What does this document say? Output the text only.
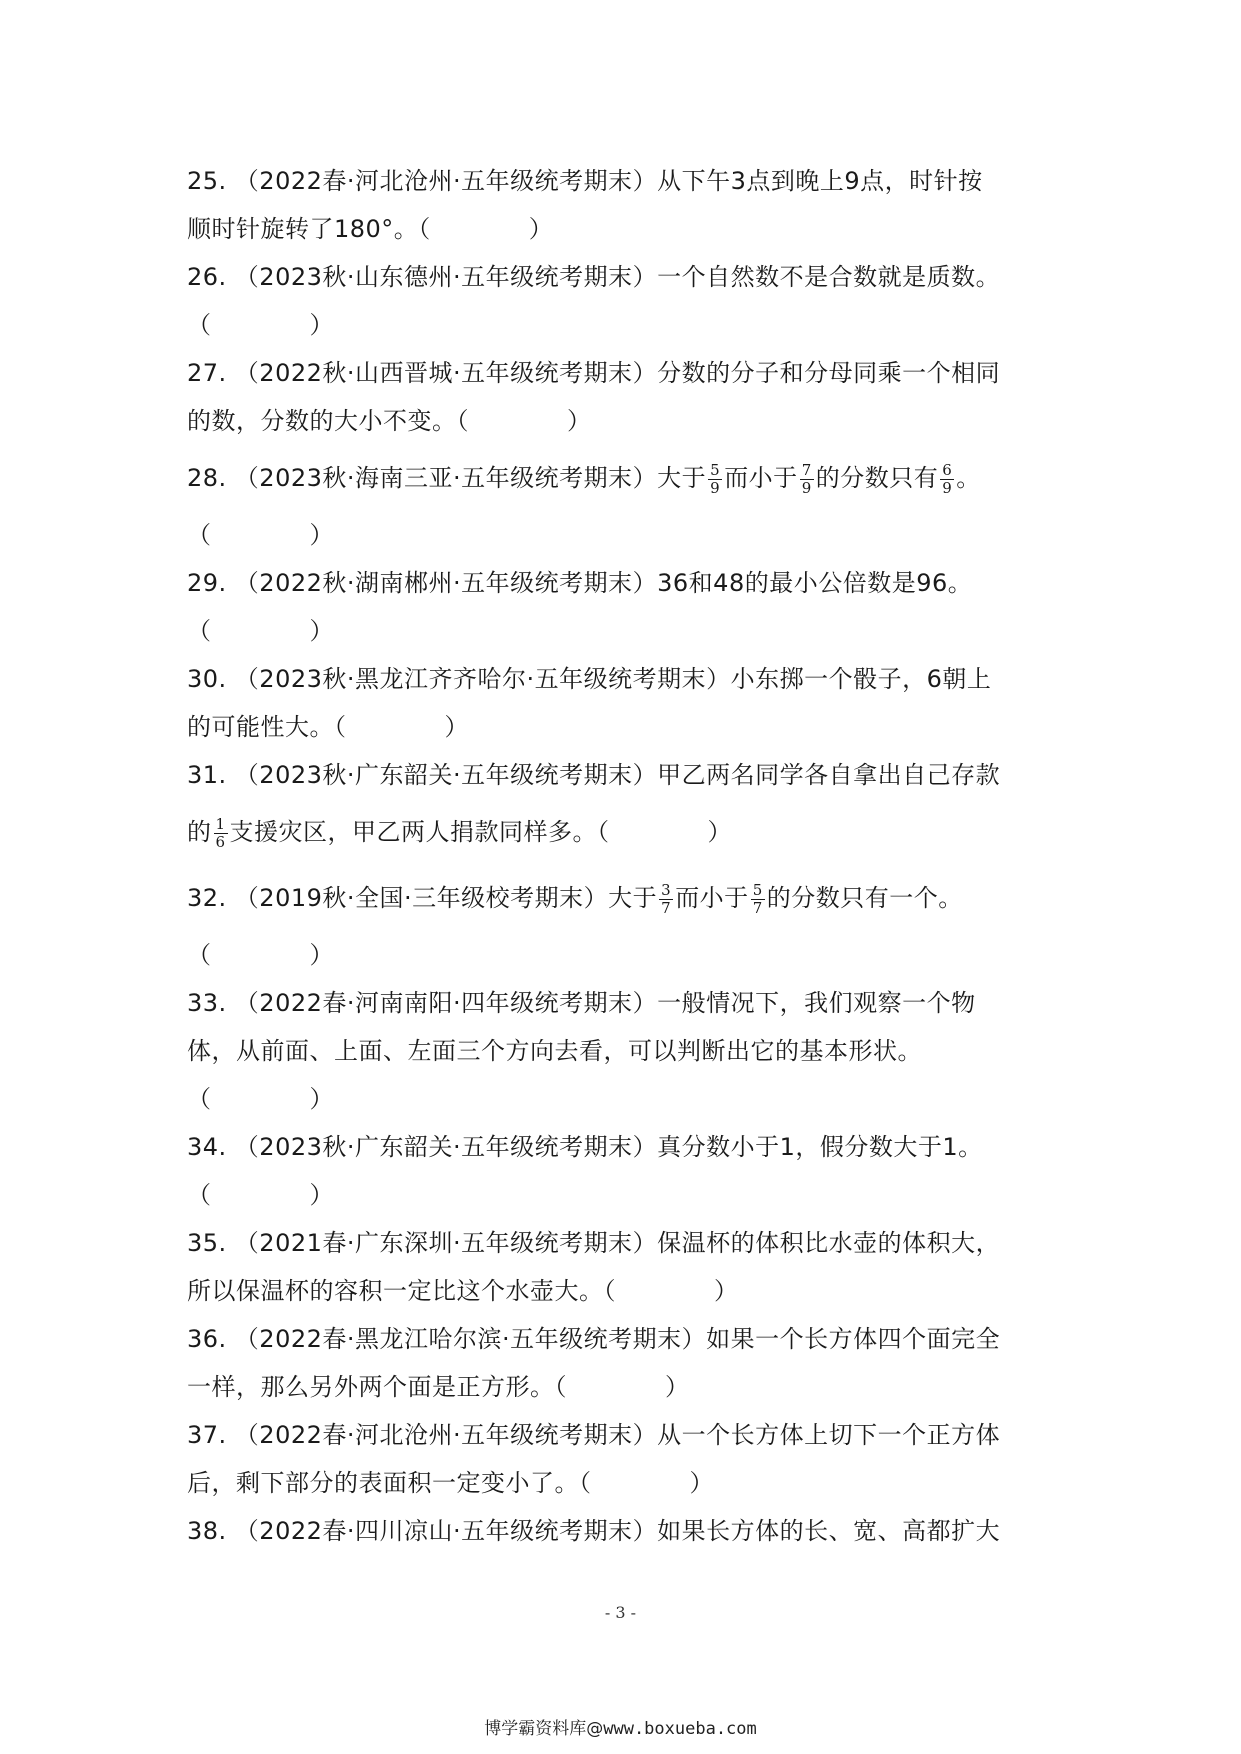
25. （2022春·河北沧州·五年级统考期末）从下午3点到晚上9点，时针按
顺时针旋转了180°。（　　　　）
26. （2023秋·山东德州·五年级统考期末）一个自然数不是合数就是质数。
（　　　　）
27. （2022秋·山西晋城·五年级统考期末）分数的分子和分母同乘一个相同
的数，分数的大小不变。（　　　　）
28. （2023秋·海南三亚·五年级统考期末）大于 $\frac{5}{9}$ 而小于 $\frac{7}{9}$ 的分数只有 $\frac{6}{9}$ 。
（　　　　）
29. （2022秋·湖南郴州·五年级统考期末）36和48的最小公倍数是96。
（　　　　）
30. （2023秋·黑龙江齐齐哈尔·五年级统考期末）小东掷一个骰子，6朝上
的可能性大。（　　　　）
31. （2023秋·广东韶关·五年级统考期末）甲乙两名同学各自拿出自己存款
的 $\frac{1}{6}$ 支援灾区，甲乙两人捐款同样多。（　　　　）
32. （2019秋·全国·三年级校考期末）大于 $\frac{3}{7}$ 而小于 $\frac{5}{7}$ 的分数只有一个。
（　　　　）
33. （2022春·河南南阳·四年级统考期末）一般情况下，我们观察一个物
体，从前面、上面、左面三个方向去看，可以判断出它的基本形状。
（　　　　）
34. （2023秋·广东韶关·五年级统考期末）真分数小于1，假分数大于1。
（　　　　）
35. （2021春·广东深圳·五年级统考期末）保温杯的体积比水壶的体积大，
所以保温杯的容积一定比这个水壶大。（　　　　）
36. （2022春·黑龙江哈尔滨·五年级统考期末）如果一个长方体四个面完全
一样，那么另外两个面是正方形。（　　　　）
37. （2022春·河北沧州·五年级统考期末）从一个长方体上切下一个正方体
后，剩下部分的表面积一定变小了。（　　　　）
38. （2022春·四川凉山·五年级统考期末）如果长方体的长、宽、高都扩大
- 3 -
博学霸资料库@www.boxueba.com
